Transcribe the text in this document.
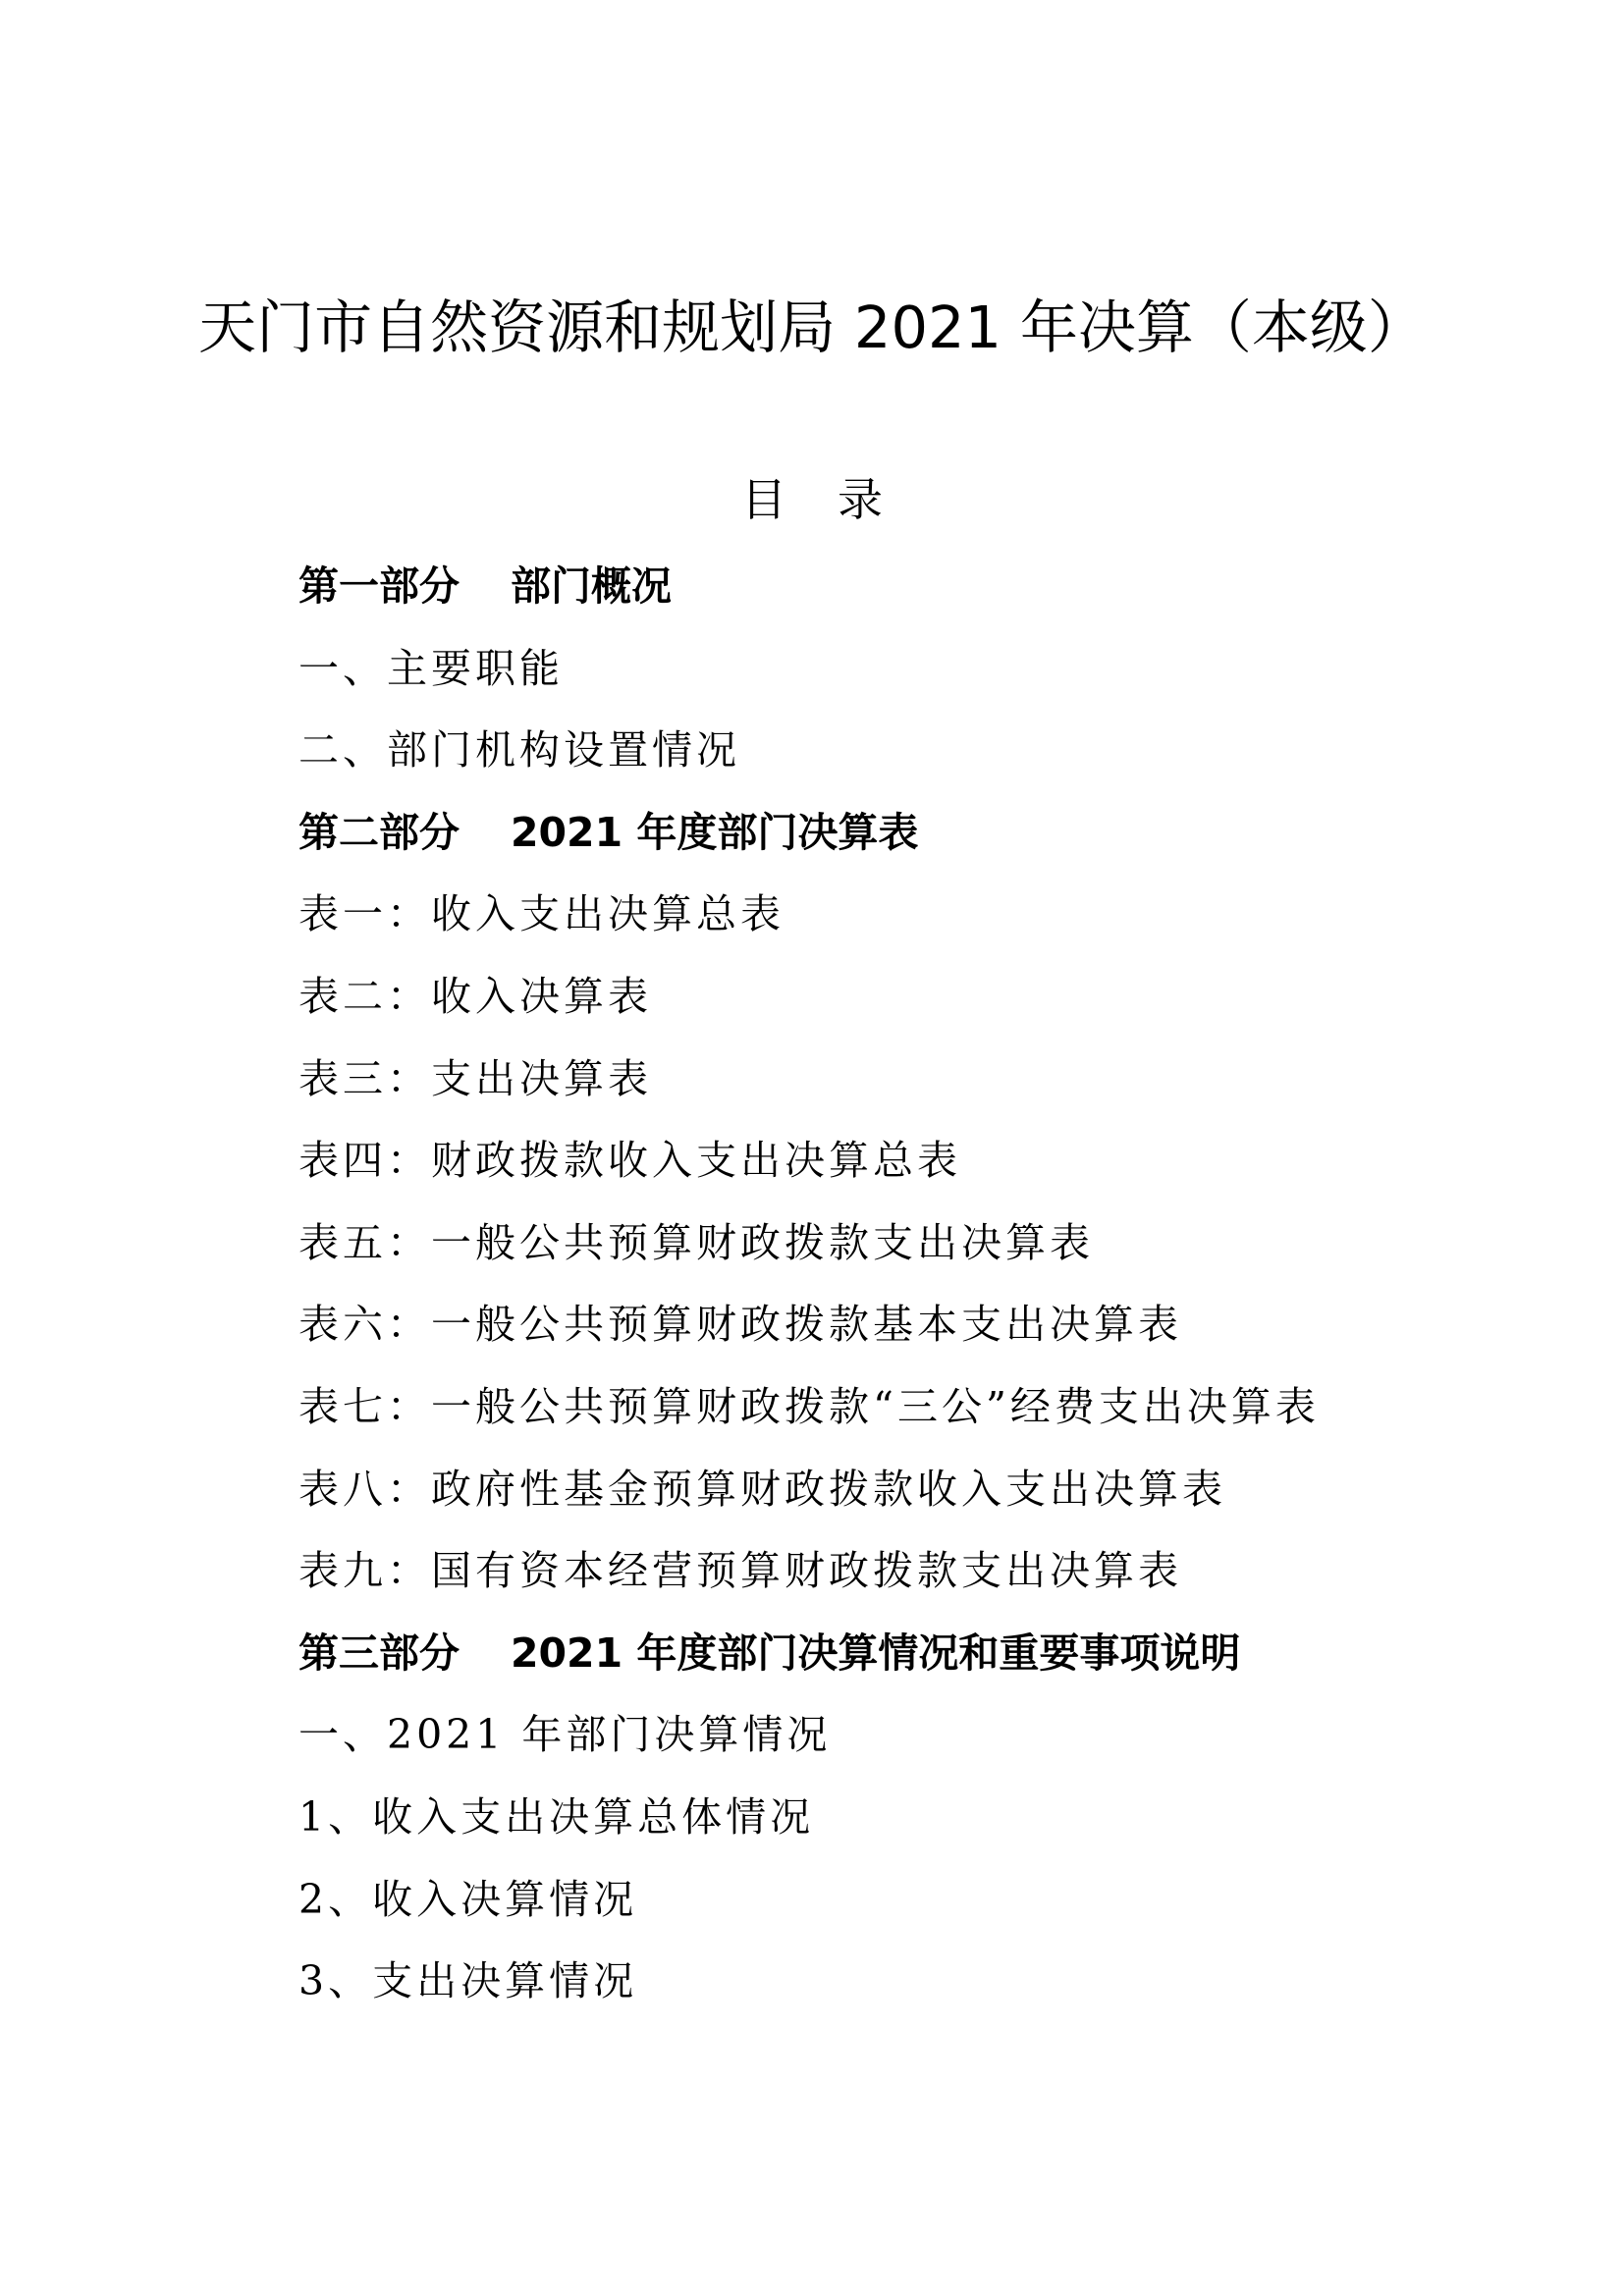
天门市自然资源和规划局 2021 年决算（本级）
目录
第一部分 部门概况
一、主要职能
二、部门机构设置情况
第二部分 2021 年度部门决算表
表一：收入支出决算总表
表二：收入决算表
表三：支出决算表
表四：财政拨款收入支出决算总表
表五：一般公共预算财政拨款支出决算表
表六：一般公共预算财政拨款基本支出决算表
表七：一般公共预算财政拨款“三公”经费支出决算表
表八：政府性基金预算财政拨款收入支出决算表
表九：国有资本经营预算财政拨款支出决算表
第三部分 2021 年度部门决算情况和重要事项说明
一、2021 年部门决算情况
1、收入支出决算总体情况
2、收入决算情况
3、支出决算情况
